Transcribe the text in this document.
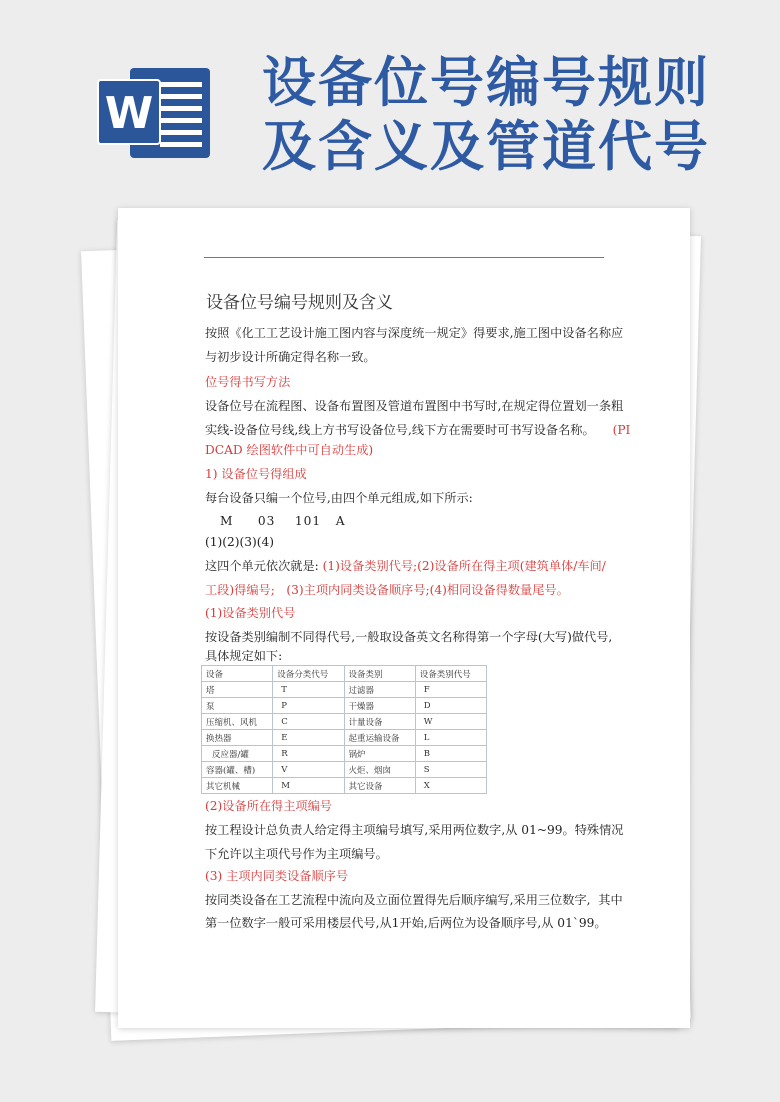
W 设备位号编号规则
及含义及管道代号
设备位号编号规则及含义
按照《化工工艺设计施工图内容与深度统一规定》得要求,施工图中设备名称应
与初步设计所确定得名称一致。
位号得书写方法
设备位号在流程图、设备布置图及管道布置图中书写时,在规定得位置划一条粗
实线-设备位号线,线上方书写设备位号,线下方在需要时可书写设备名称。 (PI
DCAD 绘图软件中可自动生成)
1) 设备位号得组成
每台设备只编一个位号,由四个单元组成,如下所示:
M     03    101   A
(1)(2)(3)(4)
这四个单元依次就是: (1)设备类别代号;(2)设备所在得主项(建筑单体/车间/
工段)得编号;   (3)主项内同类设备顺序号;(4)相同设备得数量尾号。
(1)设备类别代号
按设备类别编制不同得代号,一般取设备英文名称得第一个字母(大写)做代号,
具体规定如下:
设备	设备分类代号	设备类别	设备类别代号
塔	T	过滤器	F
泵	P	干燥器	D
压缩机、风机	C	计量设备	W
换热器	E	起重运输设备	L
反应器/罐	R	锅炉	B
容器(罐、槽)	V	火炬、烟囱	S
其它机械	M	其它设备	X
(2)设备所在得主项编号
按工程设计总负责人给定得主项编号填写,采用两位数字,从 01~99。特殊情况
下允许以主项代号作为主项编号。
(3) 主项内同类设备顺序号
按同类设备在工艺流程中流向及立面位置得先后顺序编写,采用三位数字,  其中
第一位数字一般可采用楼层代号,从1开始,后两位为设备顺序号,从 01`99。
